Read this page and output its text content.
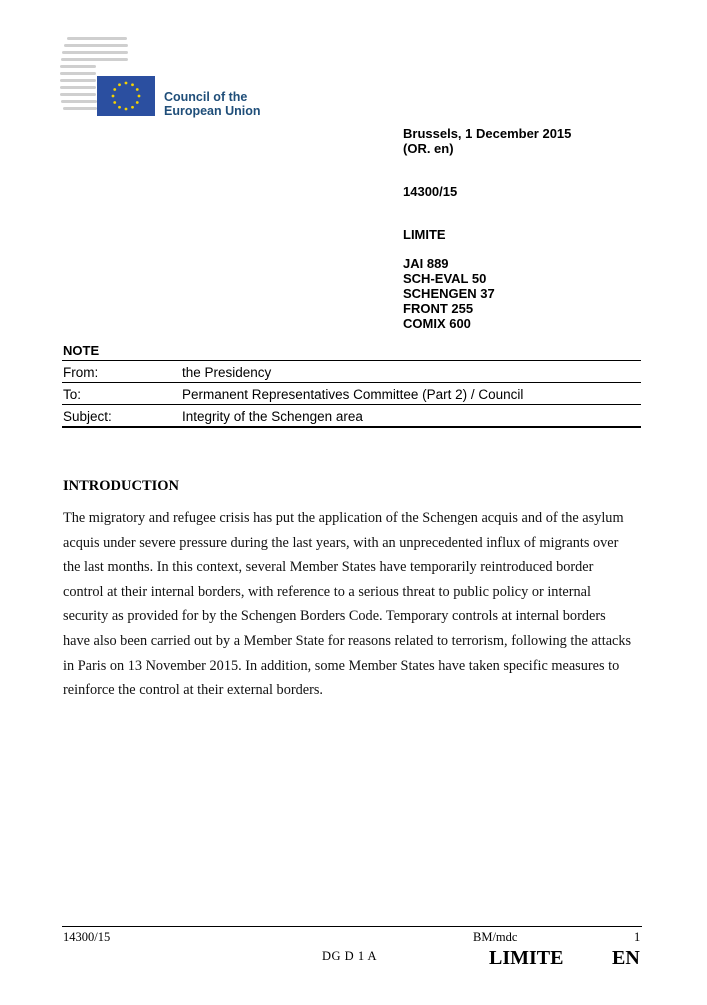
Council of the
European Union
Brussels, 1 December 2015
(OR. en)
14300/15
LIMITE
JAI 889
SCH-EVAL 50
SCHENGEN 37
FRONT 255
COMIX 600
NOTE
From:	the Presidency
To:	Permanent Representatives Committee (Part 2) / Council
Subject:	Integrity of the Schengen area
INTRODUCTION
The migratory and refugee crisis has put the application of the Schengen acquis and of the asylum
acquis under severe pressure during the last years, with an unprecedented influx of migrants over
the last months. In this context, several Member States have temporarily reintroduced border
control at their internal borders, with reference to a serious threat to public policy or internal
security as provided for by the Schengen Borders Code. Temporary controls at internal borders
have also been carried out by a Member State for reasons related to terrorism, following the attacks
in Paris on 13 November 2015. In addition, some Member States have taken specific measures to
reinforce the control at their external borders.
14300/15	BM/mdc	1
DG D 1 A	LIMITE EN
